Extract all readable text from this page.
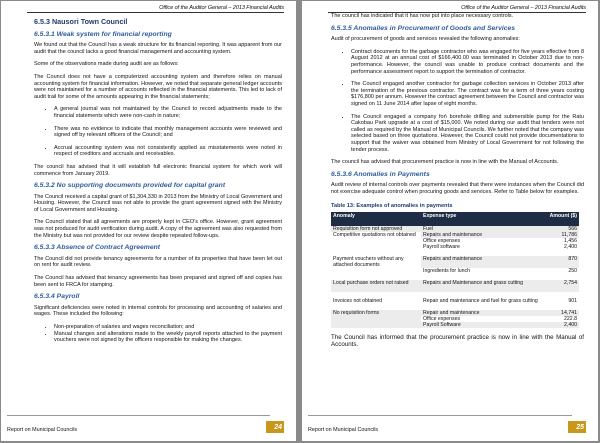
Office of the Auditor General – 2013 Financial Audits
6.5.3 Nausori Town Council
6.5.3.1 Weak system for financial reporting

We found out that the Council has a weak structure for its financial reporting. It was apparent from our audit that the council lacks a good financial management and accounting system.

Some of the observations made during audit are as follows:

The Council does not have a computerized accounting system and therefore relies on manual accounting system for financial information. However, we noted that separate general ledger accounts were not maintained for a number of accounts reflected in the financial statements. This led to lack of audit trail for some of the amounts appearing in the financial statements;

• A general journal was not maintained by the Council to record adjustments made to the financial statements which were non-cash in nature;
• There was no evidence to indicate that monthly management accounts were reviewed and signed off by relevant officers of the Council; and
• Accrual accounting system was not consistently applied as misstatements were noted in respect of creditors and accruals and receivables.

The council has advised that it will establish full electronic financial system for which work will commence from January 2019.

6.5.3.2 No supporting documents provided for capital grant

The Council received a capital grant of $1,304,330 in 2013 from the Ministry of Local Government and Housing. However, the Council was not able to provide the grant agreement signed with the Ministry of Local Government and Housing.

The Council stated that all agreements are properly kept in CEO’s office. However, grant agreement was not produced for audit verification during audit. A copy of the agreement was also requested from the Ministry but was not provided for our review despite repeated follow-ups.

6.5.3.3 Absence of Contract Agreement

The Council did not provide tenancy agreements for a number of its properties that have been let out on rent for audit review.

The Council has advised that tenancy agreements has been prepared and signed off and copies has been sent to FRCA for stamping.

6.5.3.4 Payroll

Significant deficiencies were noted in internal controls for processing and accounting of salaries and wages. These included the following:

• Non-preparation of salaries and wages reconciliation; and
• Manual changes and alterations made to the weekly payroll reports attached to the payment vouchers were not signed by the officers responsible for making the changes.
Report on Municipal Councils	24
Office of the Auditor General – 2013 Financial Audits

The council has indicated that it has now put into place necessary controls.

6.5.3.5 Anomalies in Procurement of Goods and Services

Audit of procurement of goods and services revealed the following anomalies:

• Contract documents for the garbage contractor who was engaged for five years effective from 8 August 2012 at an annual cost of $166,400.00 was terminated in October 2013 due to non-performance. However, the council was unable to produce contract documents and the performance assessment report to support the termination of contractor.
• The Council engaged another contractor for garbage collection services in October 2013 after the termination of the previous contractor. The contract was for a term of three years costing $176,800 per annum. However the contract agreement between the Council and contractor was signed on 11 June 2014 after lapse of eight months.
• The Council engaged a company for\ borehole drilling and submersible pump for the Ratu Cakobau Park upgrade at a cost of $15,000. We noted during our audit that tenders were not called as required by the Manual of Municipal Councils. We further noted that the company was selected based on three quotations. However, the Council could not provide documentations to support that the waiver was obtained from Ministry of Local Government for not following the tender process.

The council has advised that procurement practice is now in line with the Manual of Accounts.

6.5.3.6 Anomalies in Payments

Audit review of internal controls over payments revealed that there were instances when the Council did not exercise adequate control when procuring goods and services. Refer to Table below for examples.

Table 13: Examples of anomalies in payments
Anomaly	Expense type	Amount ($)
Requisition form not approved	Fuel	566
Competitive quotations not obtained	Repairs and maintenance	11,786
	Office expenses	1,456
	Payroll software	2,400

Payment vouchers without any attached documents	Repairs and maintenance	870
	Ingredients for lunch	250
Local purchase orders not raised	Repairs and Maintenance and grass cutting	2,754

Invoices not obtained	Repair and maintenance and fuel for grass cutting	901

No requisition forms	Repair and maintenance	14,741
	Office expenses	222.8
	Payroll Software	2,400

The Council has informed that the procurement practice is now in line with the Manual of Accounts.

Report on Municipal Councils	25
